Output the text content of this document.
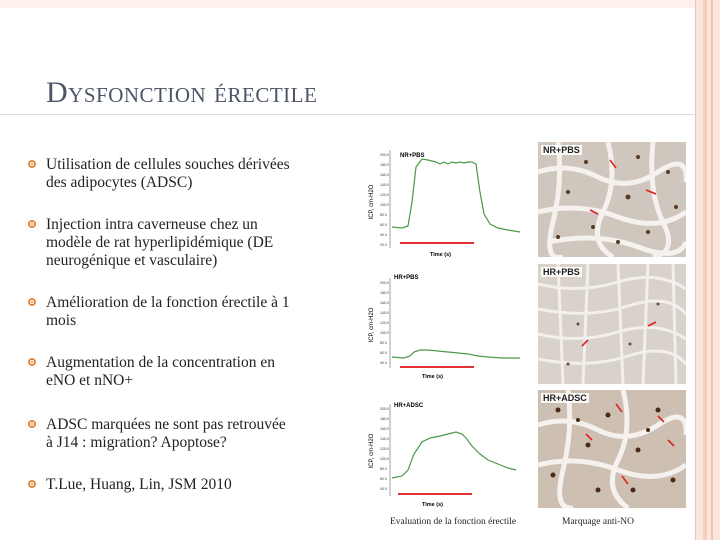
Dysfonction érectile
Utilisation de cellules souches dérivées
des adipocytes (ADSC)
Injection intra caverneuse chez un
modèle de rat hyperlipidémique (DE
neurogénique et vasculaire)
Amélioration de la fonction érectile à 1
mois
Augmentation de la concentration en
eNO et nNO+
ADSC marquées ne sont pas retrouvée
à J14 : migration? Apoptose?
T.Lue, Huang, Lin, JSM 2010
ICP, cm-H2O
200.0
180.0
160.0
140.0
120.0
100.0
80.0
60.0
40.0
20.0
NR+PBS
Time (s)
ICP, cm-H2O
200.0
180.0
160.0
140.0
120.0
100.0
80.0
60.0
40.0
HR+PBS
Time (s)
ICP, cm-H2O
200.0
180.0
160.0
140.0
120.0
100.0
80.0
60.0
40.0
HR+ADSC
Time (s)
NR+PBS
HR+PBS
HR+ADSC
Evaluation de la fonction érectile	Marquage anti-NO
